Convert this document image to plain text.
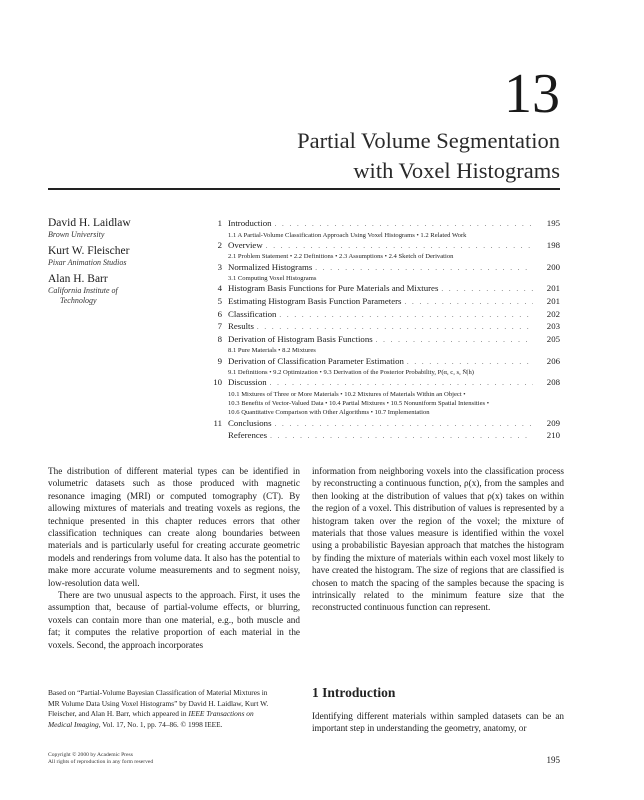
13
Partial Volume Segmentation
with Voxel Histograms
David H. Laidlaw
Brown University
Kurt W. Fleischer
Pixar Animation Studios
Alan H. Barr
California Institute of
Technology
1 Introduction . . .	195
1.1 A Partial-Volume Classification Approach Using Voxel Histograms • 1.2 Related Work
2 Overview . . .	198
2.1 Problem Statement • 2.2 Definitions • 2.3 Assumptions • 2.4 Sketch of Derivation
3 Normalized Histograms . . .	200
3.1 Computing Voxel Histograms
4 Histogram Basis Functions for Pure Materials and Mixtures . . .	201
5 Estimating Histogram Basis Function Parameters . . .	201
6 Classification . . .	202
7 Results . . .	203
8 Derivation of Histogram Basis Functions . . .	205
8.1 Pure Materials • 8.2 Mixtures
9 Derivation of Classification Parameter Estimation . . .	206
9.1 Definitions • 9.2 Optimization • 9.3 Derivation of the Posterior Probability, P(α, c, s, N̄|h)
10 Discussion . . .	208
10.1 Mixtures of Three or More Materials • 10.2 Mixtures of Materials Within an Object •
10.3 Benefits of Vector-Valued Data • 10.4 Partial Mixtures • 10.5 Nonuniform Spatial Intensities •
10.6 Quantitative Comparison with Other Algorithms • 10.7 Implementation
11 Conclusions . . .	209
References . . .	210

The distribution of different material types can be identified in volumetric datasets such as those produced with magnetic resonance imaging (MRI) or computed tomography (CT). By allowing mixtures of materials and treating voxels as regions, the technique presented in this chapter reduces errors that other classification techniques can create along boundaries between materials and is particularly useful for creating accurate geometric models and renderings from volume data. It also has the potential to make more accurate volume measurements and to segment noisy, low-resolution data well.

There are two unusual aspects to the approach. First, it uses the assumption that, because of partial-volume effects, or blurring, voxels can contain more than one material, e.g., both muscle and fat; it computes the relative proportion of each material in the voxels. Second, the approach incorporates

information from neighboring voxels into the classification process by reconstructing a continuous function, ρ(x), from the samples and then looking at the distribution of values that ρ(x) takes on within the region of a voxel. This distribution of values is represented by a histogram taken over the region of the voxel; the mixture of materials that those values measure is identified within the voxel using a probabilistic Bayesian approach that matches the histogram by finding the mixture of materials within each voxel most likely to have created the histogram. The size of regions that are classified is chosen to match the spacing of the samples because the spacing is intrinsically related to the minimum feature size that the reconstructed continuous function can represent.

Based on “Partial-Volume Bayesian Classification of Material Mixtures in
MR Volume Data Using Voxel Histograms” by David H. Laidlaw, Kurt W.
Fleischer, and Alan H. Barr, which appeared in IEEE Transactions on
Medical Imaging, Vol. 17, No. 1, pp. 74–86. © 1998 IEEE.
1 Introduction
Identifying different materials within sampled datasets can be an important step in understanding the geometry, anatomy, or
Copyright © 2000 by Academic Press
All rights of reproduction in any form reserved	195
